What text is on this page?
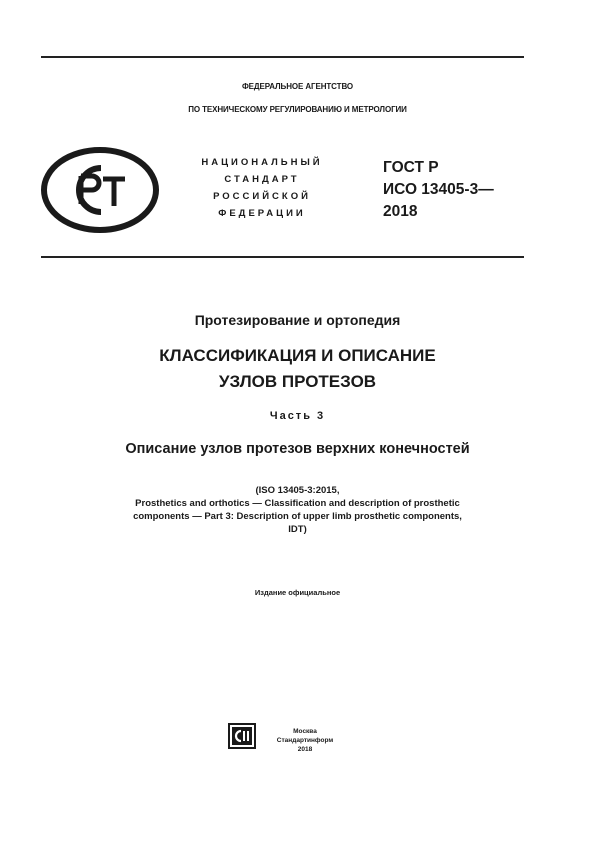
ФЕДЕРАЛЬНОЕ АГЕНТСТВО
ПО ТЕХНИЧЕСКОМУ РЕГУЛИРОВАНИЮ И МЕТРОЛОГИИ
НАЦИОНАЛЬНЫЙ
СТАНДАРТ
РОССИЙСКОЙ
ФЕДЕРАЦИИ
ГОСТ Р
ИСО 13405-3—
2018
Протезирование и ортопедия
КЛАССИФИКАЦИЯ И ОПИСАНИЕ
УЗЛОВ ПРОТЕЗОВ
Часть 3
Описание узлов протезов верхних конечностей
(ISO 13405-3:2015,
Prosthetics and orthotics — Classification and description of prosthetic
components — Part 3: Description of upper limb prosthetic components,
IDT)
Издание официальное
Москва
Стандартинформ
2018
